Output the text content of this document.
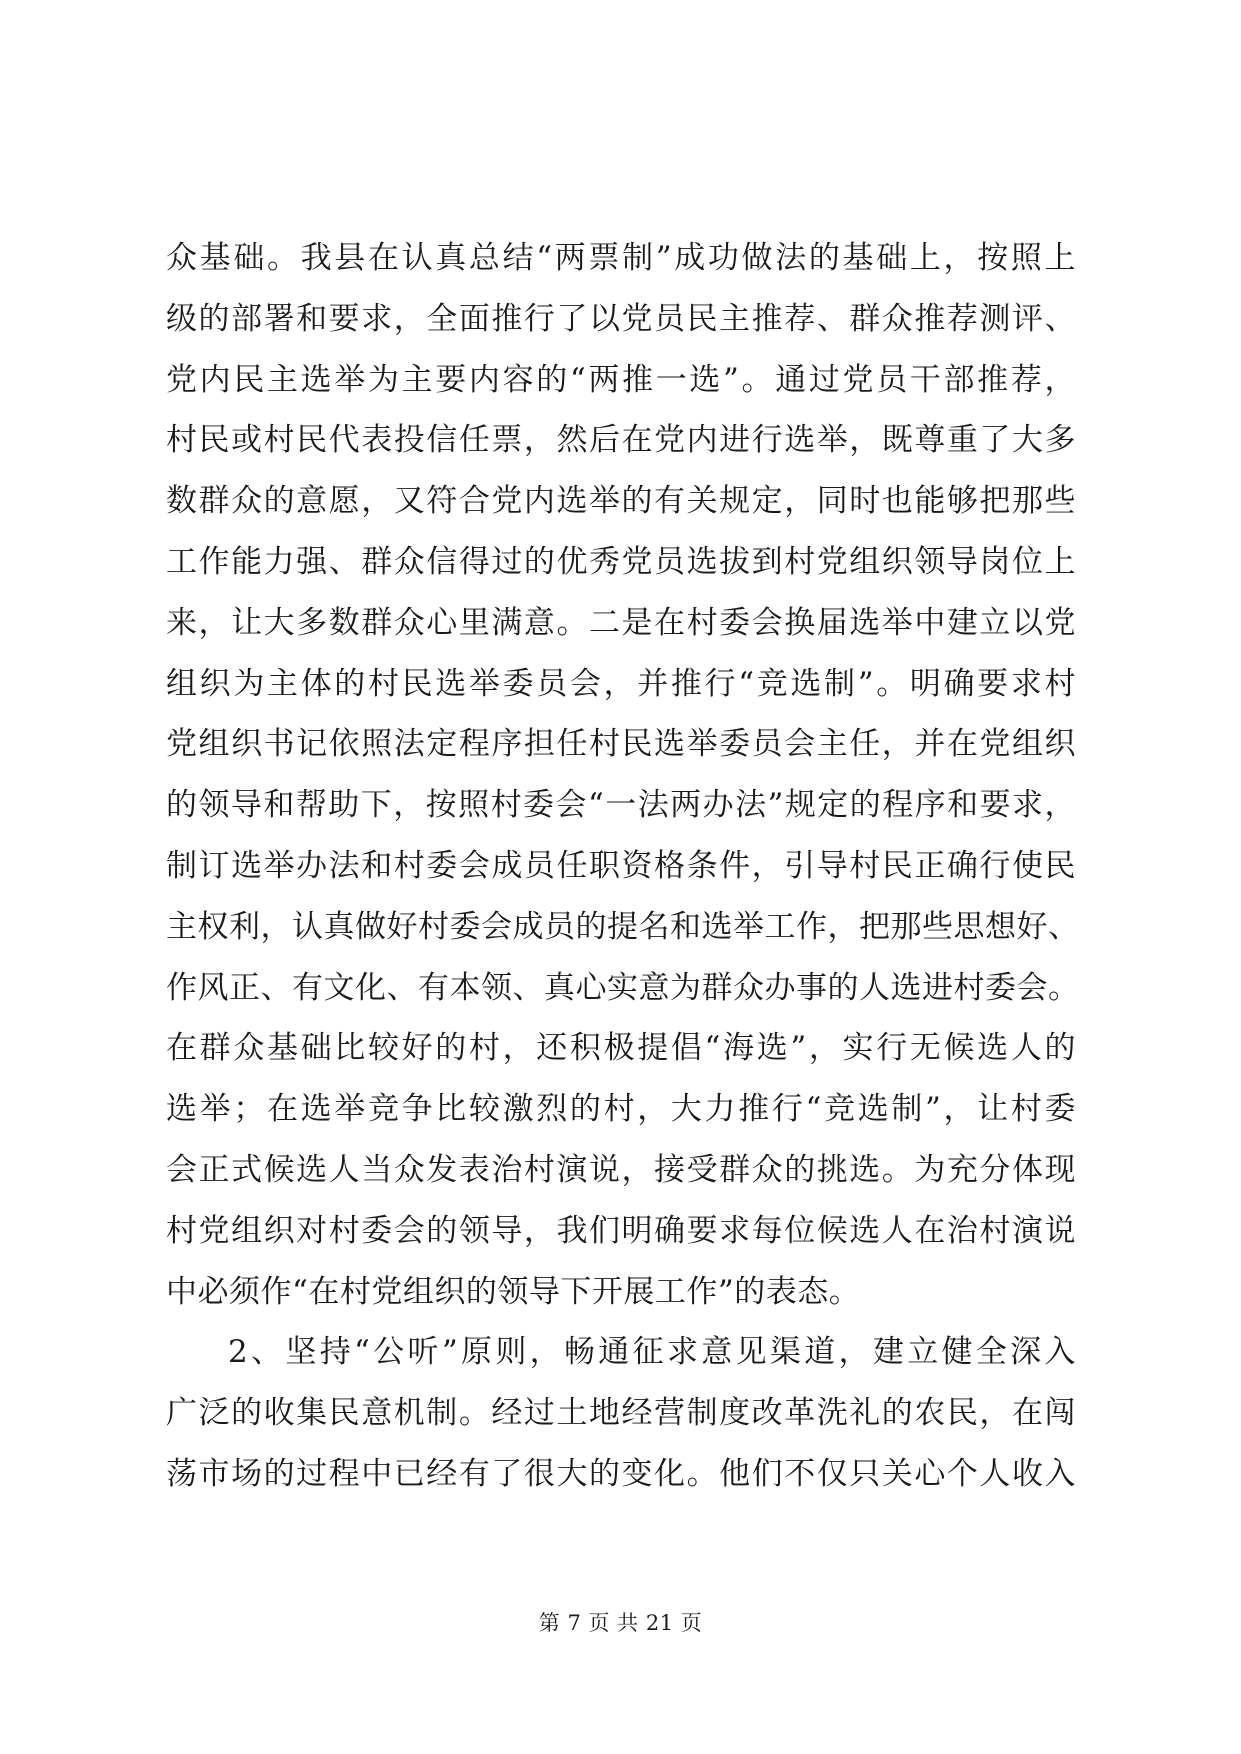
众基础。我县在认真总结“两票制”成功做法的基础上，按照上
级的部署和要求，全面推行了以党员民主推荐、群众推荐测评、
党内民主选举为主要内容的“两推一选”。通过党员干部推荐，
村民或村民代表投信任票，然后在党内进行选举，既尊重了大多
数群众的意愿，又符合党内选举的有关规定，同时也能够把那些
工作能力强、群众信得过的优秀党员选拔到村党组织领导岗位上
来，让大多数群众心里满意。二是在村委会换届选举中建立以党
组织为主体的村民选举委员会，并推行“竞选制”。明确要求村
党组织书记依照法定程序担任村民选举委员会主任，并在党组织
的领导和帮助下，按照村委会“一法两办法”规定的程序和要求，
制订选举办法和村委会成员任职资格条件，引导村民正确行使民
主权利，认真做好村委会成员的提名和选举工作，把那些思想好、
作风正、有文化、有本领、真心实意为群众办事的人选进村委会。
在群众基础比较好的村，还积极提倡“海选”，实行无候选人的
选举；在选举竞争比较激烈的村，大力推行“竞选制”，让村委
会正式候选人当众发表治村演说，接受群众的挑选。为充分体现
村党组织对村委会的领导，我们明确要求每位候选人在治村演说
中必须作“在村党组织的领导下开展工作”的表态。
2、坚持“公听”原则，畅通征求意见渠道，建立健全深入
广泛的收集民意机制。经过土地经营制度改革洗礼的农民，在闯
荡市场的过程中已经有了很大的变化。他们不仅只关心个人收入
第 7 页 共 21 页
